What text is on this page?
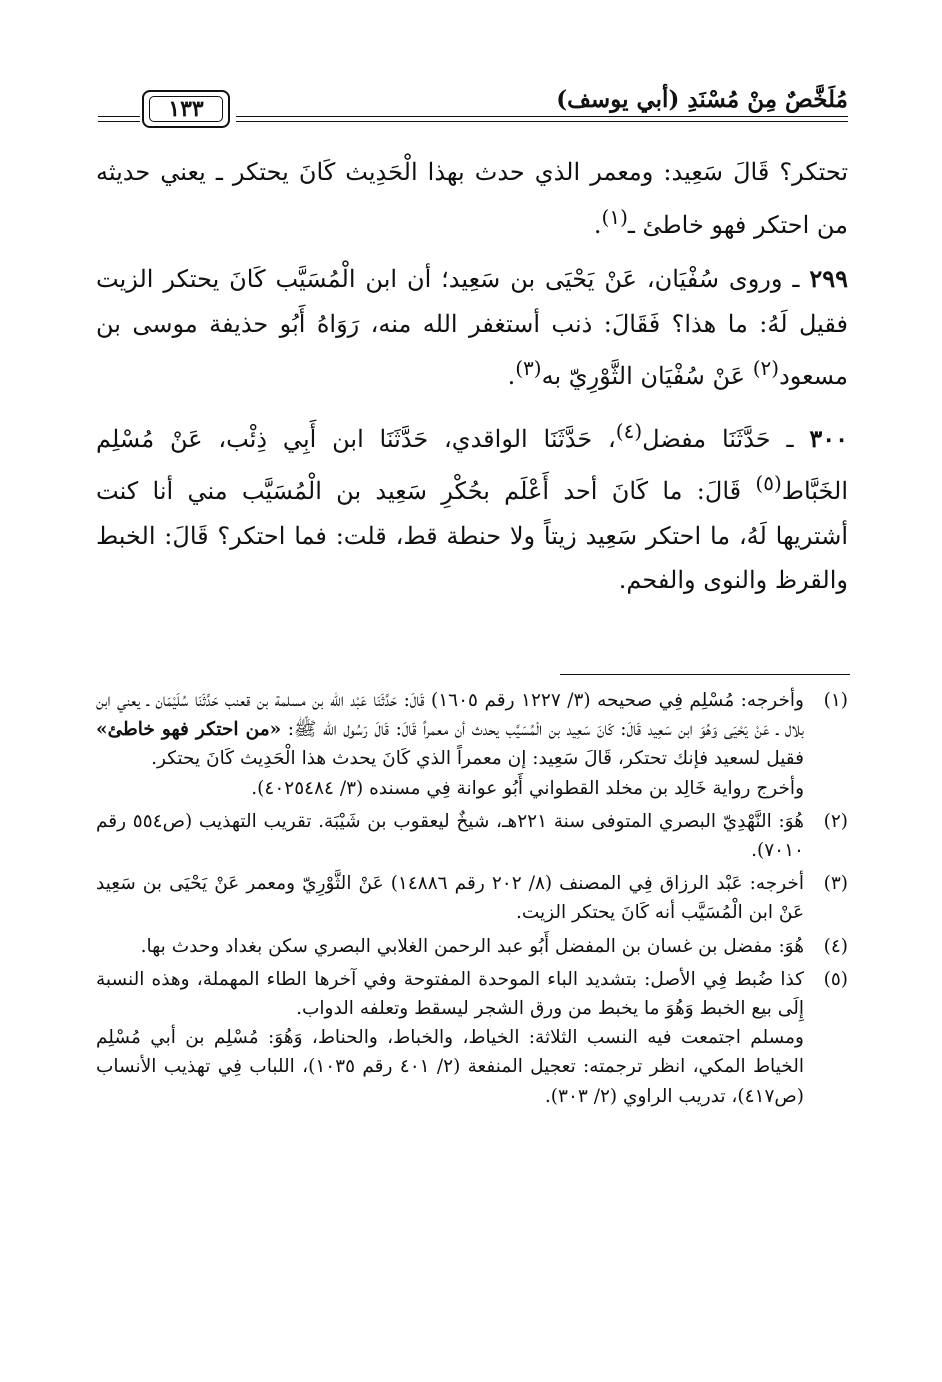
مُلَخَّصٌ مِنْ مُسْنَدِ (أبي يوسف)
١٣٣

تحتكر؟ قَالَ سَعِيد: ومعمر الذي حدث بهذا الْحَدِيث كَانَ يحتكر ـ يعني حديثه من احتكر فهو خاطئ ـ$^{(١)}$.

٢٩٩ ـ وروى سُفْيَان، عَنْ يَحْيَى بن سَعِيد؛ أن ابن الْمُسَيَّب كَانَ يحتكر الزيت فقيل لَهُ: ما هذا؟ فَقَالَ: ذنب أستغفر الله منه، رَوَاهُ أَبُو حذيفة موسى بن مسعود$^{(٢)}$ عَنْ سُفْيَان الثَّوْرِيّ به$^{(٣)}$.

٣٠٠ ـ حَدَّثَنَا مفضل$^{(٤)}$، حَدَّثَنَا الواقدي، حَدَّثَنَا ابن أَبِي ذِئْب، عَنْ مُسْلِم الخَبَّاط$^{(٥)}$ قَالَ: ما كَانَ أحد أَعْلَم بحُكْرِ سَعِيد بن الْمُسَيَّب مني أنا كنت أشتريها لَهُ، ما احتكر سَعِيد زيتاً ولا حنطة قط، قلت: فما احتكر؟ قَالَ: الخبط والقرظ والنوى والفحم.

(١)
وأخرجه: مُسْلِم فِي صحيحه (٣/ ١٢٢٧ رقم ١٦٠٥) قَالَ: حَدَّثَنَا عَبْد الله بن مسلمة بن قعنب حَدَّثَنَا سُلَيْمَان ـ يعني ابن بلال ـ عَنْ يَحْيَى وَهُوَ ابن سَعِيد قَالَ: كَانَ سَعِيد بن الْمُسَيَّب يحدث أن معمراً قَالَ: قَالَ رَسُول الله ﷺ: «من احتكر فهو خاطئ» فقيل لسعيد فإنك تحتكر، قَالَ سَعِيد: إن معمراً الذي كَانَ يحدث هذا الْحَدِيث كَانَ يحتكر.
وأخرج رواية خَالِد بن مخلد القطواني أَبُو عوانة فِي مسنده (٣/ ٤٠٢٥٤٨٤).
(٢)
هُوَ: النَّهْدِيّ البصري المتوفى سنة ٢٢١هـ، شيخٌ ليعقوب بن شَيْبَة. تقريب التهذيب (ص٥٥٤ رقم ٧٠١٠).
(٣)
أخرجه: عَبْد الرزاق فِي المصنف (٨/ ٢٠٢ رقم ١٤٨٨٦) عَنْ الثَّوْرِيّ ومعمر عَنْ يَحْيَى بن سَعِيد عَنْ ابن الْمُسَيَّب أنه كَانَ يحتكر الزيت.
(٤)
هُوَ: مفضل بن غسان بن المفضل أَبُو عبد الرحمن الغلابي البصري سكن بغداد وحدث بها.
(٥)
كذا ضُبط فِي الأصل: بتشديد الباء الموحدة المفتوحة وفي آخرها الطاء المهملة، وهذه النسبة إِلَى بيع الخبط وَهُوَ ما يخبط من ورق الشجر ليسقط وتعلفه الدواب.
ومسلم اجتمعت فيه النسب الثلاثة: الخياط، والخباط، والحناط، وَهُوَ: مُسْلِم بن أبي مُسْلِم الخياط المكي، انظر ترجمته: تعجيل المنفعة (٢/ ٤٠١ رقم ١٠٣٥)، اللباب فِي تهذيب الأنساب (ص٤١٧)، تدريب الراوي (٢/ ٣٠٣).
